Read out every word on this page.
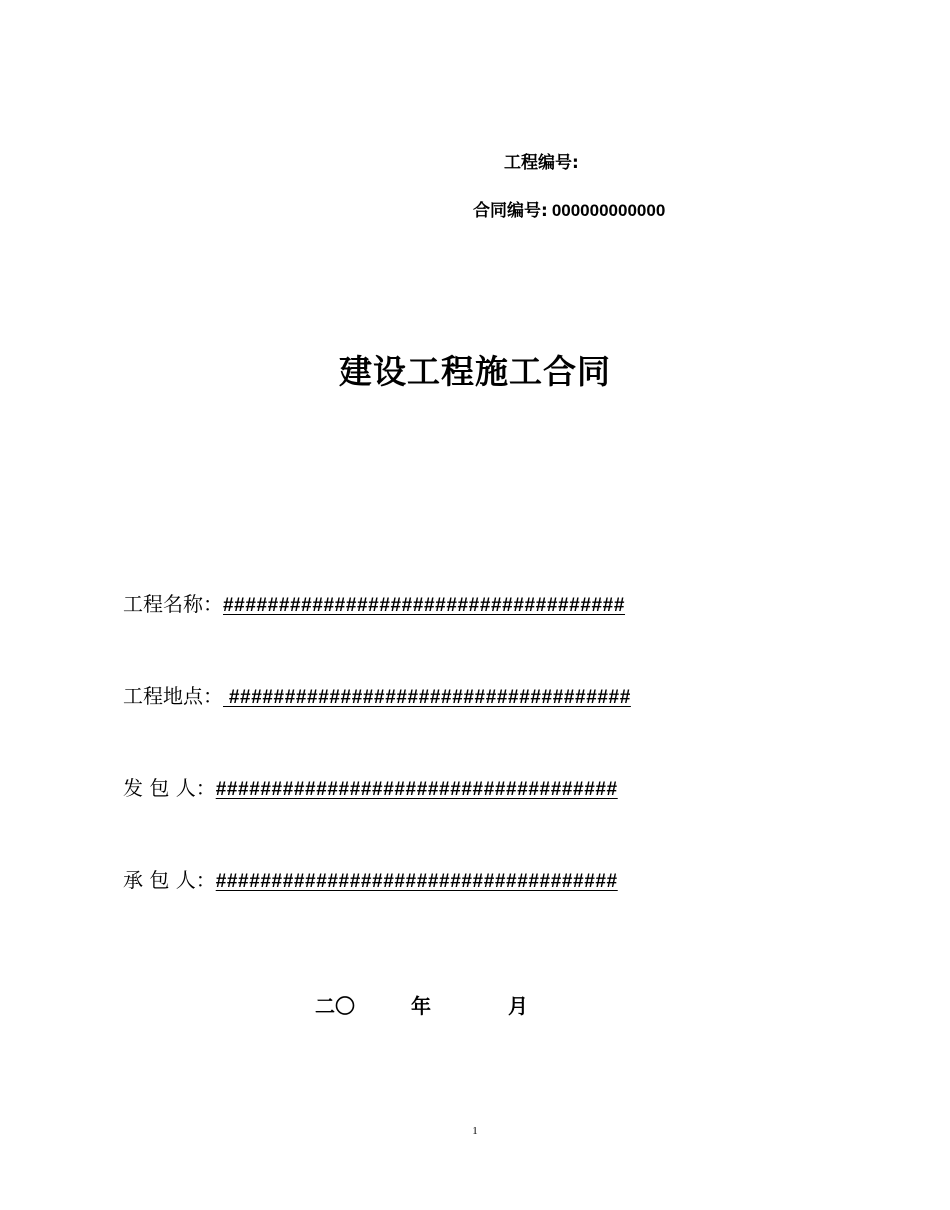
工程编号:
合同编号: 000000000000
建设工程施工合同
工程名称：####################################
工程地点： ####################################
发 包 人：####################################
承 包 人：####################################
二〇	年	月
1
